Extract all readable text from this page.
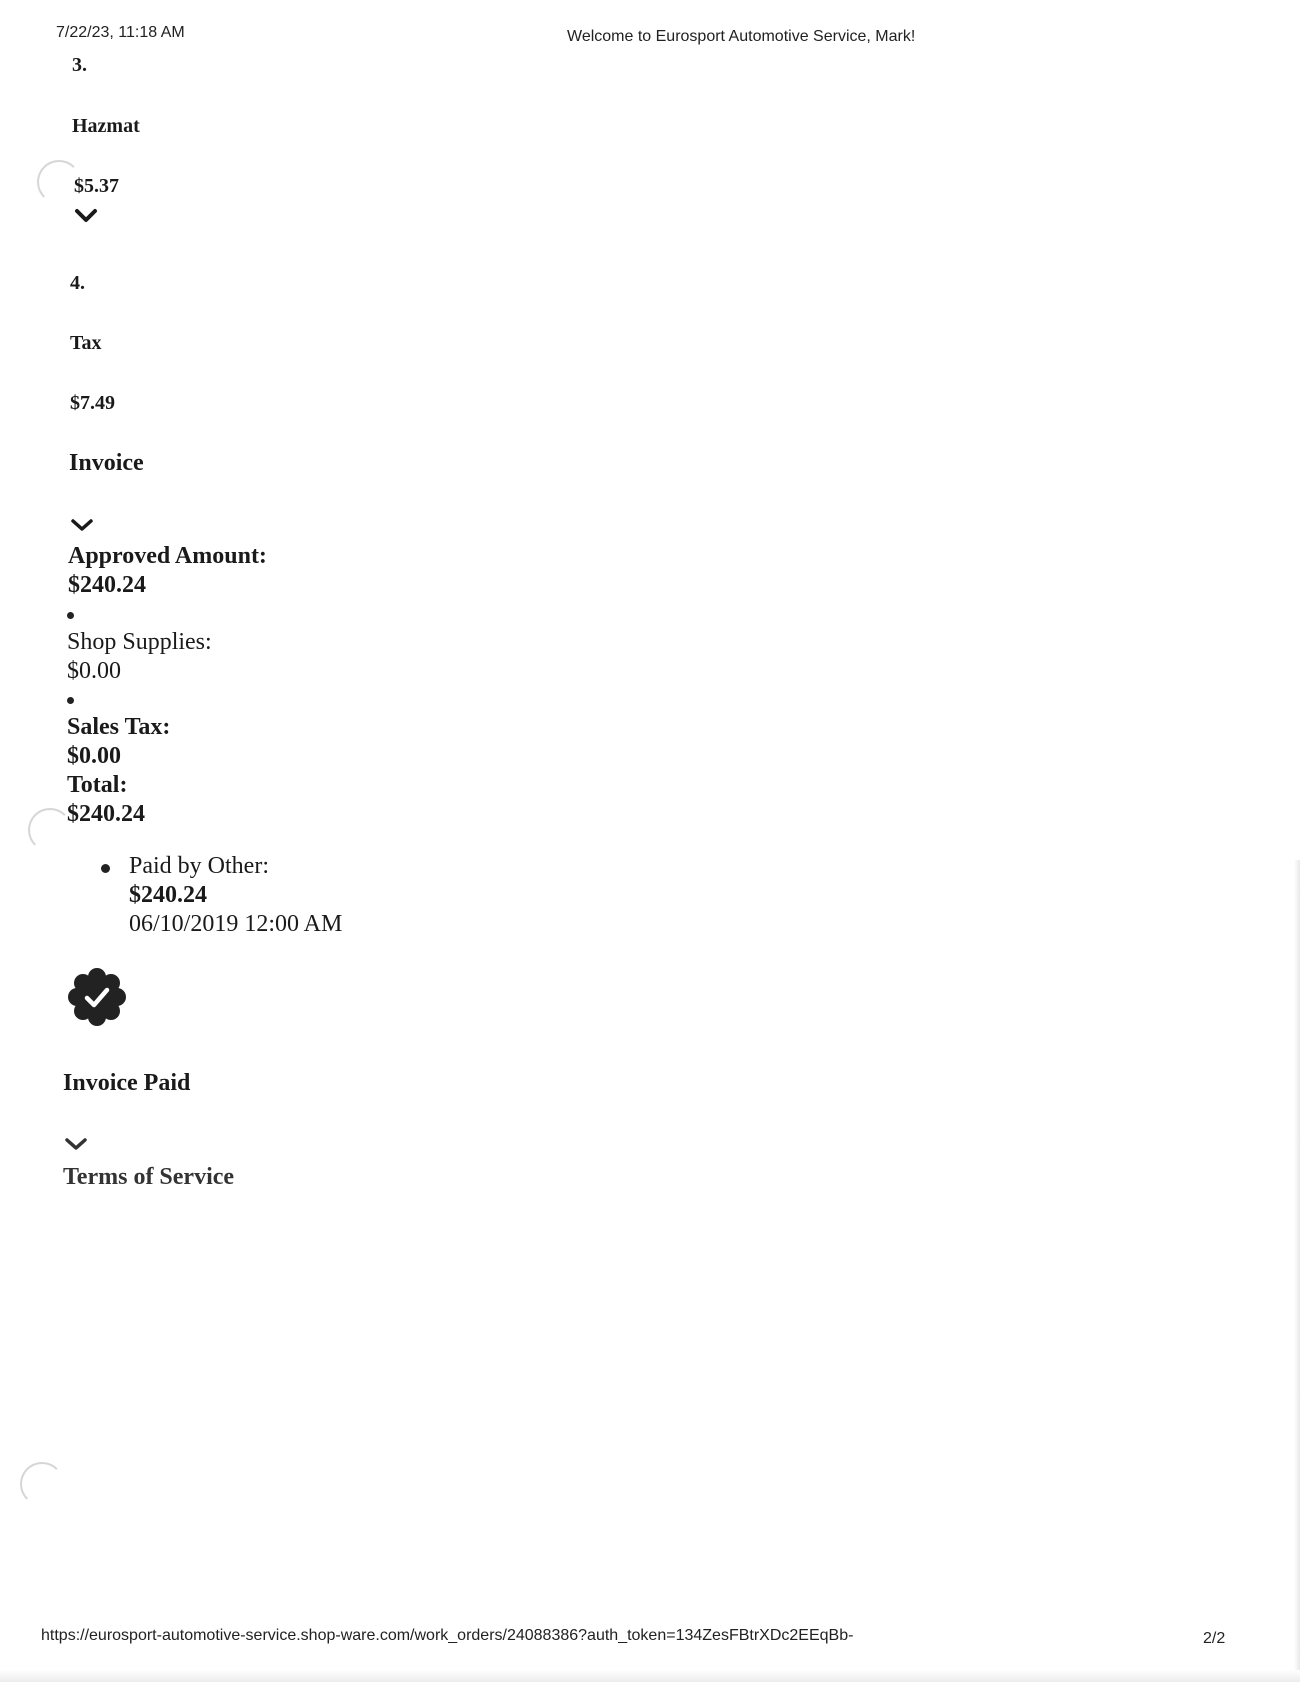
7/22/23, 11:18 AM	Welcome to Eurosport Automotive Service, Mark!
3.
Hazmat
$5.37
4.
Tax
$7.49
Invoice
Approved Amount:
$240.24
Shop Supplies:
$0.00
Sales Tax:
$0.00
Total:
$240.24
Paid by Other:
$240.24
06/10/2019 12:00 AM
Invoice Paid
Terms of Service
https://eurosport-automotive-service.shop-ware.com/work_orders/24088386?auth_token=134ZesFBtrXDc2EEqBb-	2/2
